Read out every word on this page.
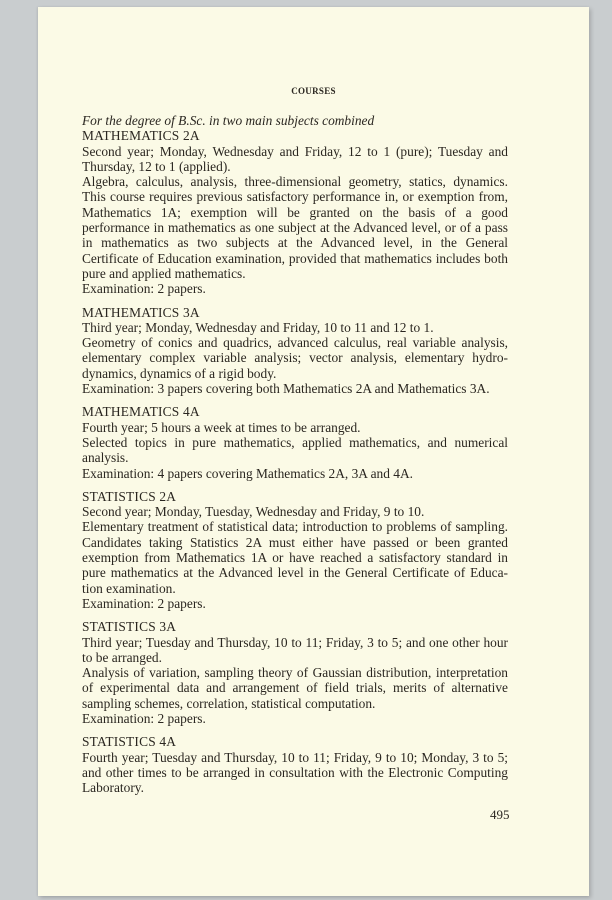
COURSES
For the degree of B.Sc. in two main subjects combined
MATHEMATICS 2A

Second year; Monday, Wednesday and Friday, 12 to 1 (pure); Tuesday and Thursday, 12 to 1 (applied).

Algebra, calculus, analysis, three-dimensional geometry, statics, dynamics. This course requires previous satisfactory performance in, or exemption from, Mathematics 1A; exemption will be granted on the basis of a good performance in mathematics as one subject at the Advanced level, or of a pass in mathematics as two subjects at the Advanced level, in the General Certificate of Education examination, provided that mathematics includes both pure and applied mathematics.

Examination: 2 papers.

MATHEMATICS 3A

Third year; Monday, Wednesday and Friday, 10 to 11 and 12 to 1.

Geometry of conics and quadrics, advanced calculus, real variable analysis, elementary complex variable analysis; vector analysis, elementary hydro-dynamics, dynamics of a rigid body.

Examination: 3 papers covering both Mathematics 2A and Mathematics 3A.

MATHEMATICS 4A

Fourth year; 5 hours a week at times to be arranged.

Selected topics in pure mathematics, applied mathematics, and numerical analysis.

Examination: 4 papers covering Mathematics 2A, 3A and 4A.

STATISTICS 2A

Second year; Monday, Tuesday, Wednesday and Friday, 9 to 10.

Elementary treatment of statistical data; introduction to problems of sampling. Candidates taking Statistics 2A must either have passed or been granted exemption from Mathematics 1A or have reached a satisfactory standard in pure mathematics at the Advanced level in the General Certificate of Educa-tion examination.

Examination: 2 papers.

STATISTICS 3A

Third year; Tuesday and Thursday, 10 to 11; Friday, 3 to 5; and one other hour to be arranged.

Analysis of variation, sampling theory of Gaussian distribution, interpretation of experimental data and arrangement of field trials, merits of alternative sampling schemes, correlation, statistical computation.

Examination: 2 papers.

STATISTICS 4A

Fourth year; Tuesday and Thursday, 10 to 11; Friday, 9 to 10; Monday, 3 to 5; and other times to be arranged in consultation with the Electronic Computing Laboratory.

495
